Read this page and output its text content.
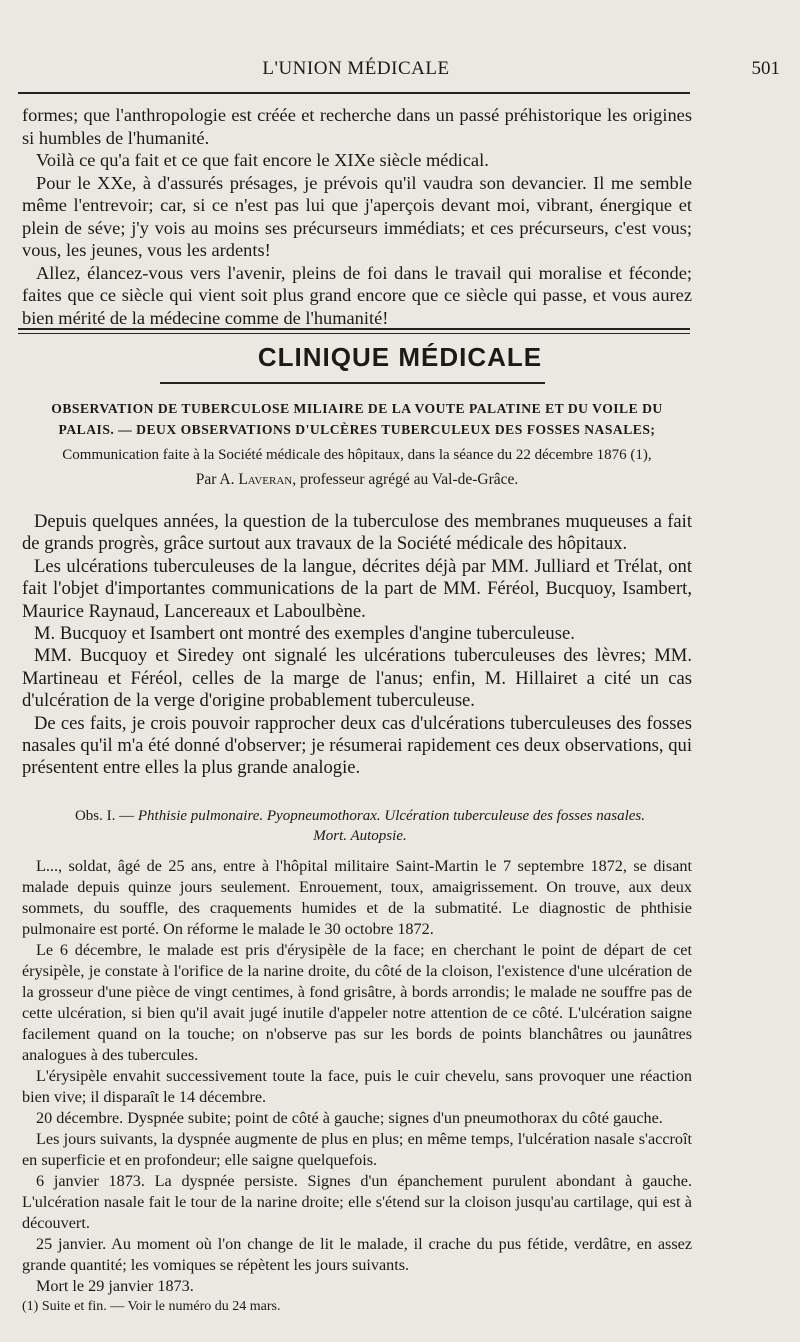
L'UNION MÉDICALE	501

formes; que l'anthropologie est créée et recherche dans un passé préhistorique les origines si humbles de l'humanité.

Voilà ce qu'a fait et ce que fait encore le XIXe siècle médical.

Pour le XXe, à d'assurés présages, je prévois qu'il vaudra son devancier. Il me semble même l'entrevoir; car, si ce n'est pas lui que j'aperçois devant moi, vibrant, énergique et plein de séve; j'y vois au moins ses précurseurs immédiats; et ces précurseurs, c'est vous; vous, les jeunes, vous les ardents!

Allez, élancez-vous vers l'avenir, pleins de foi dans le travail qui moralise et féconde; faites que ce siècle qui vient soit plus grand encore que ce siècle qui passe, et vous aurez bien mérité de la médecine comme de l'humanité!

CLINIQUE MÉDICALE

OBSERVATION DE TUBERCULOSE MILIAIRE DE LA VOUTE PALATINE ET DU VOILE DU PALAIS. — DEUX OBSERVATIONS D'ULCÈRES TUBERCULEUX DES FOSSES NASALES;

Communication faite à la Société médicale des hôpitaux, dans la séance du 22 décembre 1876 (1),

Par A. Laveran, professeur agrégé au Val-de-Grâce.

Depuis quelques années, la question de la tuberculose des membranes muqueuses a fait de grands progrès, grâce surtout aux travaux de la Société médicale des hôpitaux.

Les ulcérations tuberculeuses de la langue, décrites déjà par MM. Julliard et Trélat, ont fait l'objet d'importantes communications de la part de MM. Féréol, Bucquoy, Isambert, Maurice Raynaud, Lancereaux et Laboulbène.

M. Bucquoy et Isambert ont montré des exemples d'angine tuberculeuse.

MM. Bucquoy et Siredey ont signalé les ulcérations tuberculeuses des lèvres; MM. Martineau et Féréol, celles de la marge de l'anus; enfin, M. Hillairet a cité un cas d'ulcération de la verge d'origine probablement tuberculeuse.

De ces faits, je crois pouvoir rapprocher deux cas d'ulcérations tuberculeuses des fosses nasales qu'il m'a été donné d'observer; je résumerai rapidement ces deux observations, qui présentent entre elles la plus grande analogie.

Obs. I. — Phthisie pulmonaire. Pyopneumothorax. Ulcération tuberculeuse des fosses nasales. Mort. Autopsie.

L..., soldat, âgé de 25 ans, entre à l'hôpital militaire Saint-Martin le 7 septembre 1872, se disant malade depuis quinze jours seulement. Enrouement, toux, amaigrissement. On trouve, aux deux sommets, du souffle, des craquements humides et de la submatité. Le diagnostic de phthisie pulmonaire est porté. On réforme le malade le 30 octobre 1872.

Le 6 décembre, le malade est pris d'érysipèle de la face; en cherchant le point de départ de cet érysipèle, je constate à l'orifice de la narine droite, du côté de la cloison, l'existence d'une ulcération de la grosseur d'une pièce de vingt centimes, à fond grisâtre, à bords arrondis; le malade ne souffre pas de cette ulcération, si bien qu'il avait jugé inutile d'appeler notre attention de ce côté. L'ulcération saigne facilement quand on la touche; on n'observe pas sur les bords de points blanchâtres ou jaunâtres analogues à des tubercules.

L'érysipèle envahit successivement toute la face, puis le cuir chevelu, sans provoquer une réaction bien vive; il disparaît le 14 décembre.

20 décembre. Dyspnée subite; point de côté à gauche; signes d'un pneumothorax du côté gauche.

Les jours suivants, la dyspnée augmente de plus en plus; en même temps, l'ulcération nasale s'accroît en superficie et en profondeur; elle saigne quelquefois.

6 janvier 1873. La dyspnée persiste. Signes d'un épanchement purulent abondant à gauche. L'ulcération nasale fait le tour de la narine droite; elle s'étend sur la cloison jusqu'au cartilage, qui est à découvert.

25 janvier. Au moment où l'on change de lit le malade, il crache du pus fétide, verdâtre, en assez grande quantité; les vomiques se répètent les jours suivants.

Mort le 29 janvier 1873.

(1) Suite et fin. — Voir le numéro du 24 mars.
